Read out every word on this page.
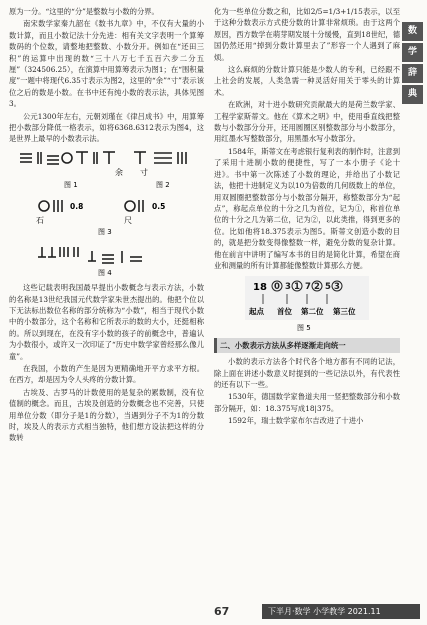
数
学
辞
典

原为一分。“这里的“分”是整数与小数的分界。

南宋数学家秦九韶在《数书九章》中，不仅有大量的小数计算，而且小数记法十分先进：相有关文字表明一个算筹数码的个位数，请整地把整数、小数分开。例如在“还田三积”的运算中出现的数“三十八万七千五百六步二分五厘”（324506.25），在演算中用算筹表示为图1；在“围积量度”一题中将现代6.35寸表示为图2，这里的“余”“寸”表示该位之后的数是小数。在书中还有纯小数的表示法，具体见图3。

公元1300年左右，元朝刘瑾在《律吕成书》中，用算筹把小数部分降低一格表示，如将6368.6312表示为图4，这是世界上最早的小数表示法。

余 寸
图 1	图 2
石
0.8
尺
0.5
图 3
图 4

这些记载表明我国最早提出小数概念与表示方法，小数的名称是13世纪我国元代数学家朱世杰提出的。他把个位以下无法标出数位名称的部分统称为“小数”，相当于现代小数中的小数部分，这个名称和它所表示的数的大小，还挺相称的。所以到现在，在没有字小数的孩子的前概念中，普遍认为小数很小，或许又一次印证了“历史中数学家曾经那么像儿童”。

在我国，小数的产生是因为更精确地开平方求平方根。在西方，却是因为令人头疼的分数计算。

古埃及、古罗马的计数使用的是复杂的累数制，没有位值制的概念。而且，古埃及创造的分数概念也不完善，只使用单位分数（即分子是1的分数），当遇到分子不为1的分数时，埃及人的表示方式相当独特，他们想方设法把这样的分数转

化为一些单位分数之和，比如2/5=1/3+1/15表示，以至于这种分数表示方式使分数的计算非常烦琐。由于这两个原因，西方数学在萌芽期发展十分缓慢，直到18世纪，德国仍然还用“掉到分数计算里去了”形容一个人遇到了麻烦。

这么麻烦的分数计算只能是少数人的专利，已经跟不上社会的发展，人类急需一种灵活好用关于零头的计算术。

在欧洲，对十进小数研究贡献最大的是荷兰数学家、工程学家斯蒂文。他在《算术之明》中，使用垂直线把整数与小数部分分开，还用圆圈区别整数部分与小数部分，用红墨水写整数部分，用黑墨水写小数部分。

1584年，斯蒂文在考虑银行复利表的制作时，注意到了采用十进制小数的便捷性，写了一本小册子《论十进》。书中第一次陈述了小数的理论，并给出了小数记法，他把十进制定义为以10为倍数的几何级数上的单位，用双圆圈把整数部分与小数部分隔开，称整数部分为“起点”，称起点单位的十分之几为首位，记为①，称首位单位的十分之几为第二位，记为②，以此类推，得到更多的位。比如他将18.375表示为图5。斯蒂文创造小数的目的，就是把分数变得像整数一样，避免分数的复杂计算。他在前言中讲明了编写本书的目的是简化计算，希望在商业和测量的所有计算都能像整数计算那么方便。

18 0 3 1 7 2 5 3
起点 首位 第二位 第三位
图 5
二、小数表示方法从多样逐渐走向统一

小数的表示方法各个时代各个地方都有不同的记法，除上面在讲述小数意义时提到的一些记法以外，有代表性的还有以下一些。

1530年，德国数学家鲁道夫用一竖把整数部分和小数部分隔开，如：18.375写成18|375。

1592年，瑞士数学家布尔吉改进了十进小

67	下半月·数学 小学教学 2021.11
